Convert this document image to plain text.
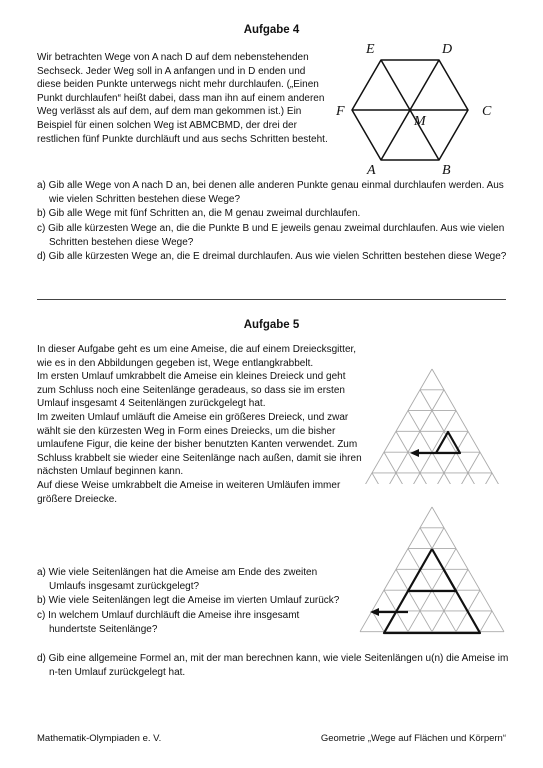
Aufgabe 4
Wir betrachten Wege von A nach D auf dem nebenstehenden Sechseck. Jeder Weg soll in A anfangen und in D enden und diese beiden Punkte unterwegs nicht mehr durchlaufen. („Einen Punkt durchlaufen“ heißt dabei, dass man ihn auf einem anderen Weg verlässt als auf dem, auf dem man gekommen ist.) Ein Beispiel für einen solchen Weg ist ABMCBMD, der drei der restlichen fünf Punkte durchläuft und aus sechs Schritten besteht.
E	D
F	C
M
A	B
a) Gib alle Wege von A nach D an, bei denen alle anderen Punkte genau einmal durchlaufen werden. Aus wie vielen Schritten bestehen diese Wege?
b) Gib alle Wege mit fünf Schritten an, die M genau zweimal durchlaufen.
c) Gib alle kürzesten Wege an, die die Punkte B und E jeweils genau zweimal durchlaufen. Aus wie vielen Schritten bestehen diese Wege?
d) Gib alle kürzesten Wege an, die E dreimal durchlaufen. Aus wie vielen Schritten bestehen diese Wege?
Aufgabe 5
In dieser Aufgabe geht es um eine Ameise, die auf einem Dreiecksgitter, wie es in den Abbildungen gegeben ist, Wege entlangkrabbelt.
Im ersten Umlauf umkrabbelt die Ameise ein kleines Dreieck und geht zum Schluss noch eine Seitenlänge geradeaus, so dass sie im ersten Umlauf insgesamt 4 Seitenlängen zurückgelegt hat.
Im zweiten Umlauf umläuft die Ameise ein größeres Dreieck, und zwar wählt sie den kürzesten Weg in Form eines Dreiecks, um die bisher umlaufene Figur, die keine der bisher benutzten Kanten verwendet. Zum Schluss krabbelt sie wieder eine Seitenlänge nach außen, damit sie ihren nächsten Umlauf beginnen kann.
Auf diese Weise umkrabbelt die Ameise in weiteren Umläufen immer größere Dreiecke.
a) Wie viele Seitenlängen hat die Ameise am Ende des zweiten Umlaufs insgesamt zurückgelegt?
b) Wie viele Seitenlängen legt die Ameise im vierten Umlauf zurück?
c) In welchem Umlauf durchläuft die Ameise ihre insgesamt hundertste Seitenlänge?
d) Gib eine allgemeine Formel an, mit der man berechnen kann, wie viele Seitenlängen u(n) die Ameise im n-ten Umlauf zurückgelegt hat.
Mathematik-Olympiaden e. V.	Geometrie „Wege auf Flächen und Körpern“
